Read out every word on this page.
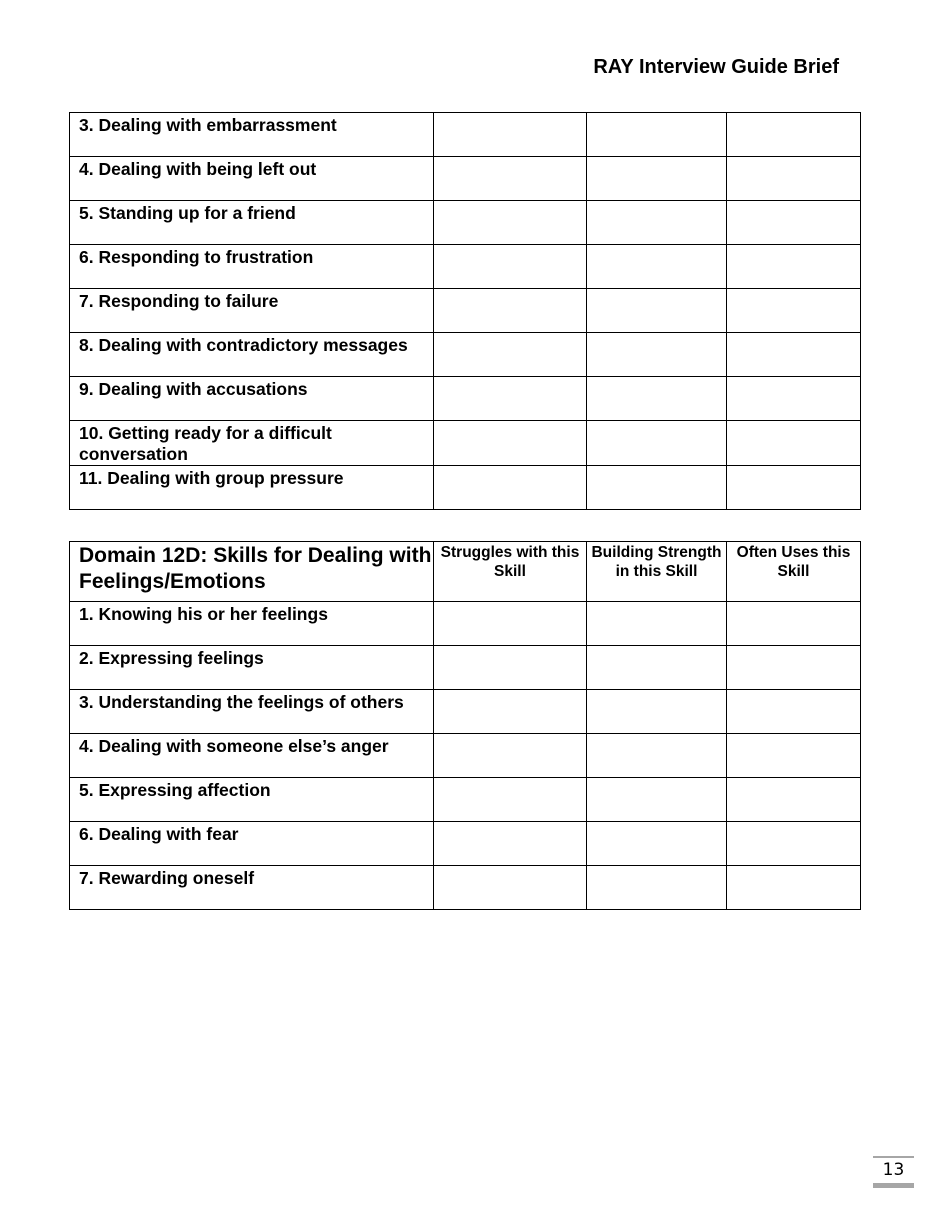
RAY Interview Guide Brief
3. Dealing with embarrassment			

4. Dealing with being left out			

5. Standing up for a friend			

6. Responding to frustration			

7. Responding to failure			

8. Dealing with contradictory messages			

9. Dealing with accusations			

10. Getting ready for a difficult conversation			

11. Dealing with group pressure			

Domain 12D: Skills for Dealing with Feelings/Emotions	Struggles with this Skill	Building Strength in this Skill	Often Uses this Skill

1. Knowing his or her feelings			

2. Expressing feelings			

3. Understanding the feelings of others			

4. Dealing with someone else’s anger			

5. Expressing affection			

6. Dealing with fear			

7. Rewarding oneself			

13
